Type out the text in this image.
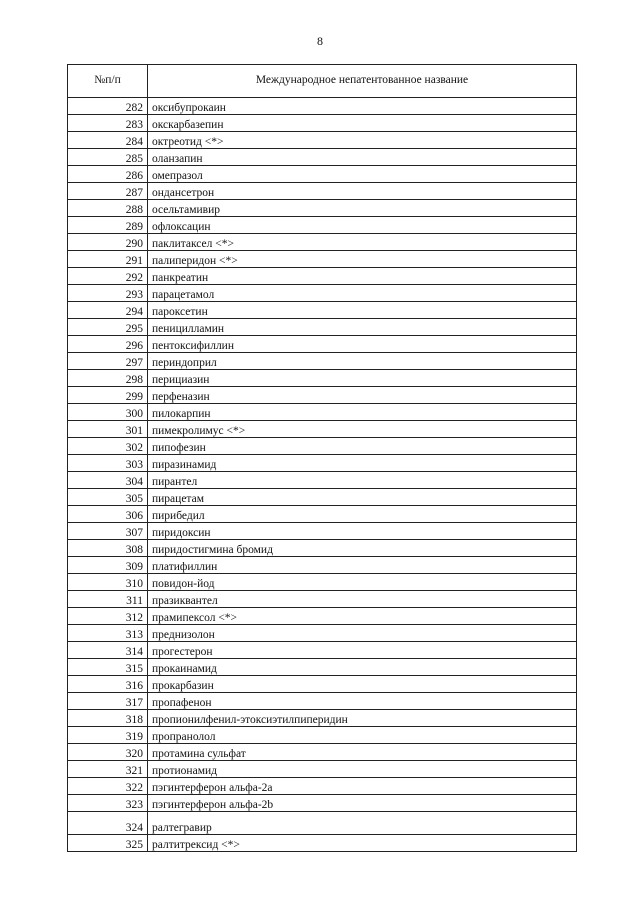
8
№п/п	Международное непатентованное название
282	оксибупрокаин
283	окскарбазепин
284	октреотид <*>
285	оланзапин
286	омепразол
287	ондансетрон
288	осельтамивир
289	офлоксацин
290	паклитаксел <*>
291	палиперидон <*>
292	панкреатин
293	парацетамол
294	пароксетин
295	пеницилламин
296	пентоксифиллин
297	периндоприл
298	перициазин
299	перфеназин
300	пилокарпин
301	пимекролимус <*>
302	пипофезин
303	пиразинамид
304	пирантел
305	пирацетам
306	пирибедил
307	пиридоксин
308	пиридостигмина бромид
309	платифиллин
310	повидон-йод
311	празиквантел
312	прамипексол <*>
313	преднизолон
314	прогестерон
315	прокаинамид
316	прокарбазин
317	пропафенон
318	пропионилфенил-этоксиэтилпиперидин
319	пропранолол
320	протамина сульфат
321	протионамид
322	пэгинтерферон альфа-2а
323	пэгинтерферон альфа-2b
324	ралтегравир
325	ралтитрексид <*>
